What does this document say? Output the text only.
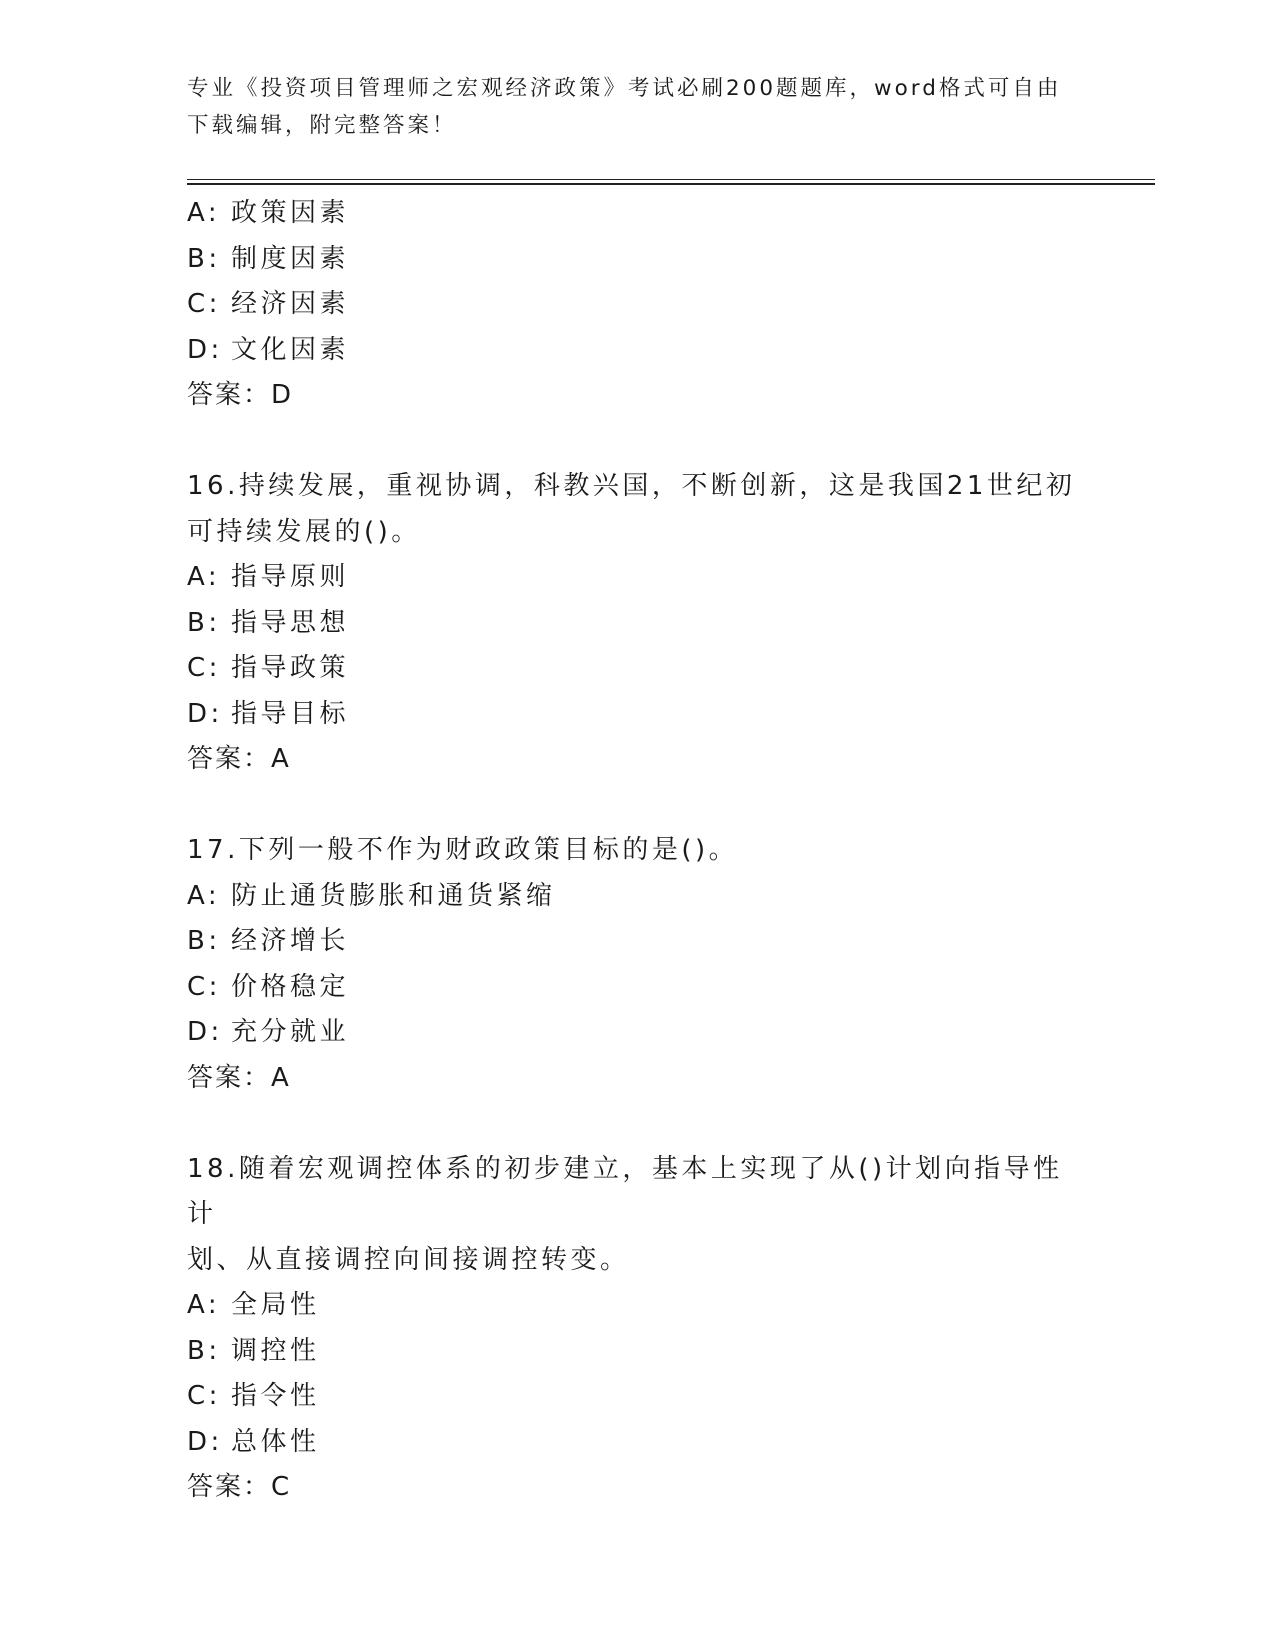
专业《投资项目管理师之宏观经济政策》考试必刷200题题库，word格式可自由
下载编辑，附完整答案！
A: 政策因素
B: 制度因素
C: 经济因素
D: 文化因素
答案：D
16.持续发展，重视协调，科教兴国，不断创新，这是我国21世纪初
可持续发展的()。
A: 指导原则
B: 指导思想
C: 指导政策
D: 指导目标
答案：A
17.下列一般不作为财政政策目标的是()。
A: 防止通货膨胀和通货紧缩
B: 经济增长
C: 价格稳定
D: 充分就业
答案：A
18.随着宏观调控体系的初步建立，基本上实现了从()计划向指导性计
划、从直接调控向间接调控转变。
A: 全局性
B: 调控性
C: 指令性
D: 总体性
答案：C
